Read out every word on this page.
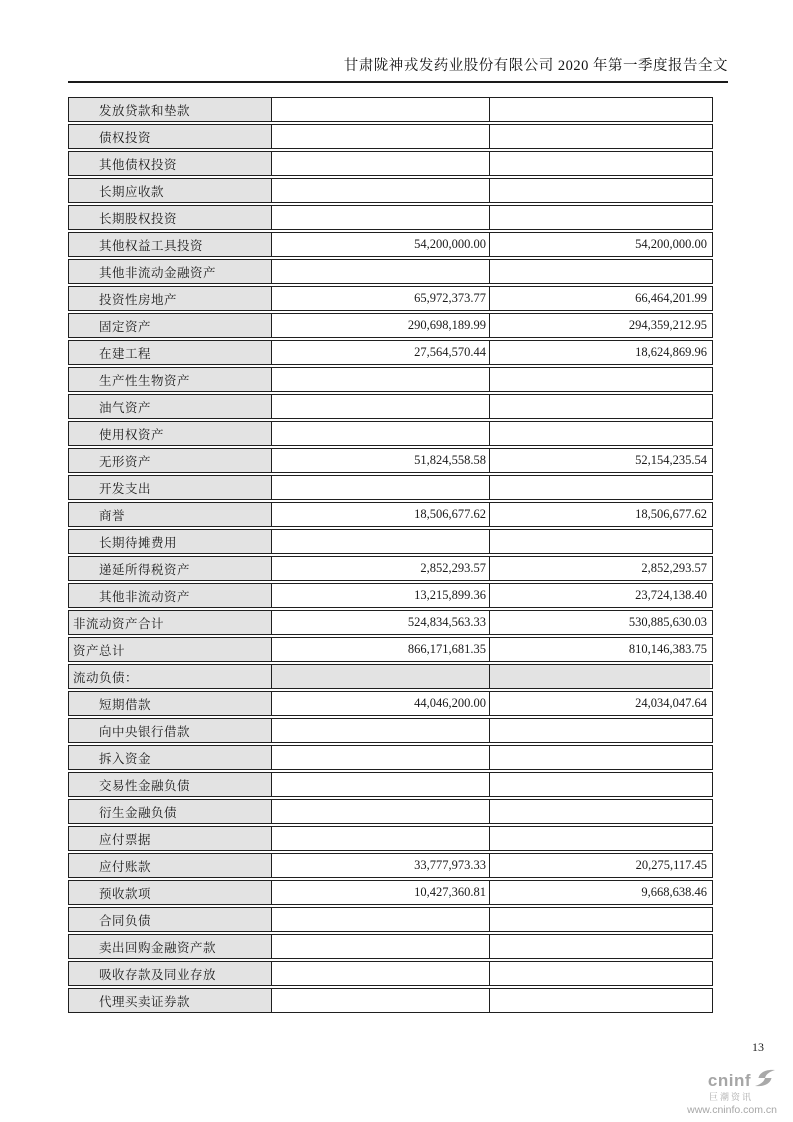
甘肃陇神戎发药业股份有限公司 2020 年第一季度报告全文
发放贷款和垫款
债权投资
其他债权投资
长期应收款
长期股权投资
其他权益工具投资	54,200,000.00	54,200,000.00
其他非流动金融资产
投资性房地产	65,972,373.77	66,464,201.99
固定资产	290,698,189.99	294,359,212.95
在建工程	27,564,570.44	18,624,869.96
生产性生物资产
油气资产
使用权资产
无形资产	51,824,558.58	52,154,235.54
开发支出
商誉	18,506,677.62	18,506,677.62
长期待摊费用
递延所得税资产	2,852,293.57	2,852,293.57
其他非流动资产	13,215,899.36	23,724,138.40
非流动资产合计	524,834,563.33	530,885,630.03
资产总计	866,171,681.35	810,146,383.75
流动负债：
短期借款	44,046,200.00	24,034,047.64
向中央银行借款
拆入资金
交易性金融负债
衍生金融负债
应付票据
应付账款	33,777,973.33	20,275,117.45
预收款项	10,427,360.81	9,668,638.46
合同负债
卖出回购金融资产款
吸收存款及同业存放
代理买卖证券款
13
cninf
巨潮资讯
www.cninfo.com.cn
